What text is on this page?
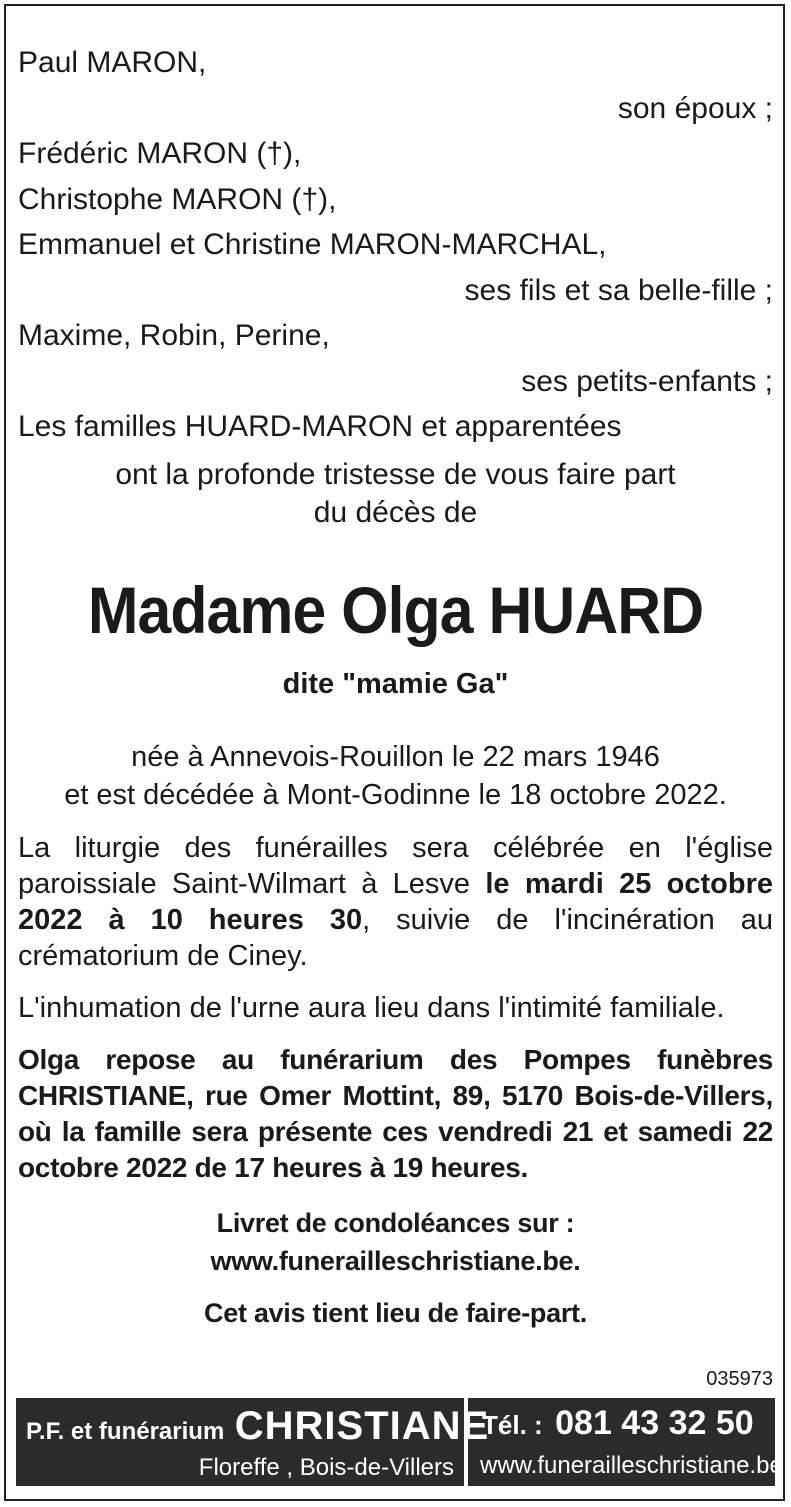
Paul MARON,
son époux ;
Frédéric MARON (†),
Christophe MARON (†),
Emmanuel et Christine MARON-MARCHAL,
ses fils et sa belle-fille ;
Maxime, Robin, Perine,
ses petits-enfants ;
Les familles HUARD-MARON et apparentées
ont la profonde tristesse de vous faire part
du décès de
Madame Olga HUARD
dite "mamie Ga"
née à Annevois-Rouillon le 22 mars 1946
et est décédée à Mont-Godinne le 18 octobre 2022.
La liturgie des funérailles sera célébrée en l'église paroissiale Saint-Wilmart à Lesve le mardi 25 octobre 2022 à 10 heures 30, suivie de l'incinération au crématorium de Ciney.
L'inhumation de l'urne aura lieu dans l'intimité familiale.
Olga repose au funérarium des Pompes funèbres CHRISTIANE, rue Omer Mottint, 89, 5170 Bois-de-Villers, où la famille sera présente ces vendredi 21 et samedi 22 octobre 2022 de 17 heures à 19 heures.
Livret de condoléances sur :
www.funerailleschristiane.be.
Cet avis tient lieu de faire-part.
035973
P.F. et funérarium CHRISTIANE
Floreffe , Bois-de-Villers
Tél. : 081 43 32 50
www.funerailleschristiane.be
